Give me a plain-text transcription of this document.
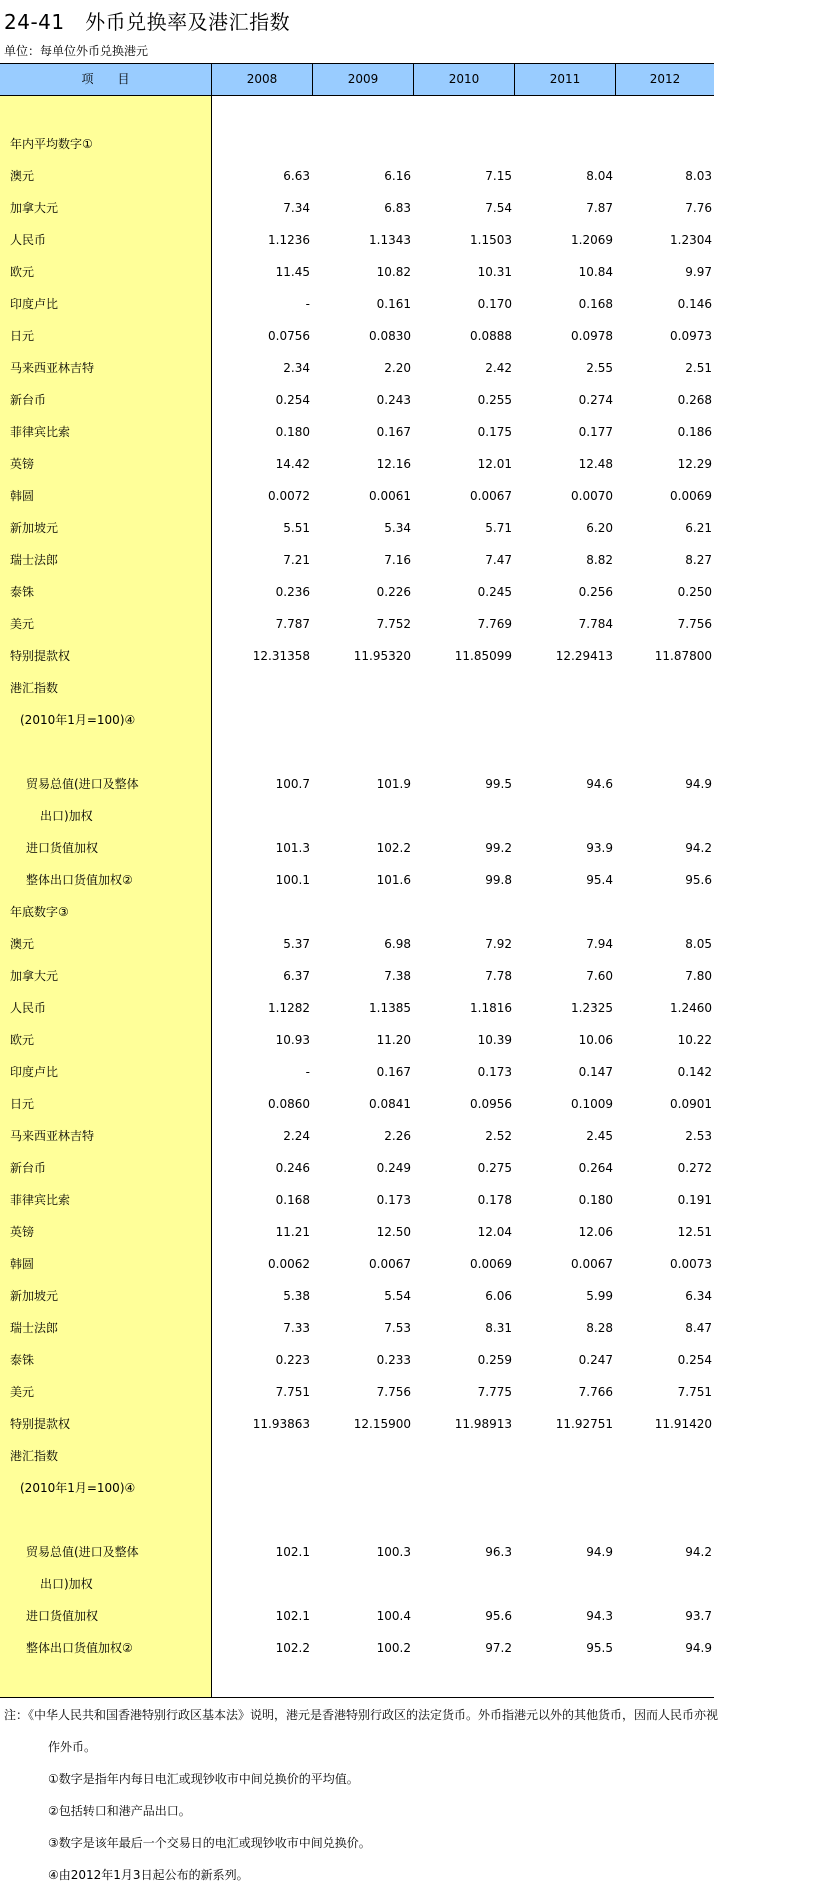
24-41　外币兑换率及港汇指数
单位：每单位外币兑换港元
项　　目	2008	2009	2010	2011	2012
年内平均数字①
澳元	6.63	6.16	7.15	8.04	8.03
加拿大元	7.34	6.83	7.54	7.87	7.76
人民币	1.1236	1.1343	1.1503	1.2069	1.2304
欧元	11.45	10.82	10.31	10.84	9.97
印度卢比	-	0.161	0.170	0.168	0.146
日元	0.0756	0.0830	0.0888	0.0978	0.0973
马来西亚林吉特	2.34	2.20	2.42	2.55	2.51
新台币	0.254	0.243	0.255	0.274	0.268
菲律宾比索	0.180	0.167	0.175	0.177	0.186
英镑	14.42	12.16	12.01	12.48	12.29
韩圆	0.0072	0.0061	0.0067	0.0070	0.0069
新加坡元	5.51	5.34	5.71	6.20	6.21
瑞士法郎	7.21	7.16	7.47	8.82	8.27
泰铢	0.236	0.226	0.245	0.256	0.250
美元	7.787	7.752	7.769	7.784	7.756
特别提款权	12.31358	11.95320	11.85099	12.29413	11.87800
港汇指数
(2010年1月=100)④
贸易总值(进口及整体	100.7	101.9	99.5	94.6	94.9
出口)加权
进口货值加权	101.3	102.2	99.2	93.9	94.2
整体出口货值加权②	100.1	101.6	99.8	95.4	95.6
年底数字③
澳元	5.37	6.98	7.92	7.94	8.05
加拿大元	6.37	7.38	7.78	7.60	7.80
人民币	1.1282	1.1385	1.1816	1.2325	1.2460
欧元	10.93	11.20	10.39	10.06	10.22
印度卢比	-	0.167	0.173	0.147	0.142
日元	0.0860	0.0841	0.0956	0.1009	0.0901
马来西亚林吉特	2.24	2.26	2.52	2.45	2.53
新台币	0.246	0.249	0.275	0.264	0.272
菲律宾比索	0.168	0.173	0.178	0.180	0.191
英镑	11.21	12.50	12.04	12.06	12.51
韩圆	0.0062	0.0067	0.0069	0.0067	0.0073
新加坡元	5.38	5.54	6.06	5.99	6.34
瑞士法郎	7.33	7.53	8.31	8.28	8.47
泰铢	0.223	0.233	0.259	0.247	0.254
美元	7.751	7.756	7.775	7.766	7.751
特别提款权	11.93863	12.15900	11.98913	11.92751	11.91420
港汇指数
(2010年1月=100)④
贸易总值(进口及整体	102.1	100.3	96.3	94.9	94.2
出口)加权
进口货值加权	102.1	100.4	95.6	94.3	93.7
整体出口货值加权②	102.2	100.2	97.2	95.5	94.9
注：《中华人民共和国香港特别行政区基本法》说明，港元是香港特别行政区的法定货币。外币指港元以外的其他货币，因而人民币亦视
作外币。
①数字是指年内每日电汇或现钞收市中间兑换价的平均值。
②包括转口和港产品出口。
③数字是该年最后一个交易日的电汇或现钞收市中间兑换价。
④由2012年1月3日起公布的新系列。
